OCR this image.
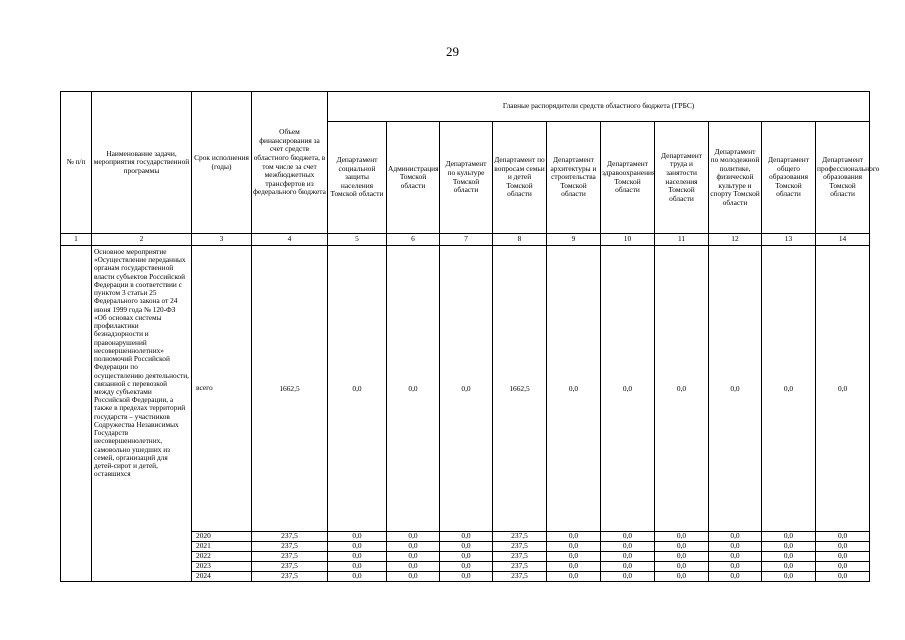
29
№ п/п	Наименование задачи, мероприятия государственной программы	Срок исполнения (годы)	Объем финансирования за счет средств областного бюджета, в том числе за счет межбюджетных трансфертов из федерального бюджета	Главные распорядители средств областного бюджета (ГРБС)									
				Департамент социальной защиты населения Томской области	Администрация Томской области	Департамент по культуре Томской области	Департамент по вопросам семьи и детей Томской области	Департамент архитектуры и строительства Томской области	Департамент здравоохранения Томской области	Департамент труда и занятости населения Томской области	Департамент по молодежной политике, физической культуре и спорту Томской области	Департамент общего образования Томской области	Департамент профессионального образования Томской области
1	2	3	4	5	6	7	8	9	10	11	12	13	14
	Основное мероприятие «Осуществление переданных органам государственной власти субъектов Российской Федерации в соответствии с пунктом 3 статьи 25 Федерального закона от 24 июня 1999 года № 120-ФЗ «Об основах системы профилактики безнадзорности и правонарушений несовершеннолетних» полномочий Российской Федерации по осуществлению деятельности, связанной с перевозкой между субъектами Российской Федерации, а также в пределах территорий государств – участников Содружества Независимых Государств несовершеннолетних, самовольно ушедших из семей, организаций для детей-сирот и детей, оставшихся	всего	1662,5	0,0	0,0	0,0	1662,5	0,0	0,0	0,0	0,0	0,0	0,0
		2020	237,5	0,0	0,0	0,0	237,5	0,0	0,0	0,0	0,0	0,0	0,0
		2021	237,5	0,0	0,0	0,0	237,5	0,0	0,0	0,0	0,0	0,0	0,0
		2022	237,5	0,0	0,0	0,0	237,5	0,0	0,0	0,0	0,0	0,0	0,0
		2023	237,5	0,0	0,0	0,0	237,5	0,0	0,0	0,0	0,0	0,0	0,0
		2024	237,5	0,0	0,0	0,0	237,5	0,0	0,0	0,0	0,0	0,0	0,0
